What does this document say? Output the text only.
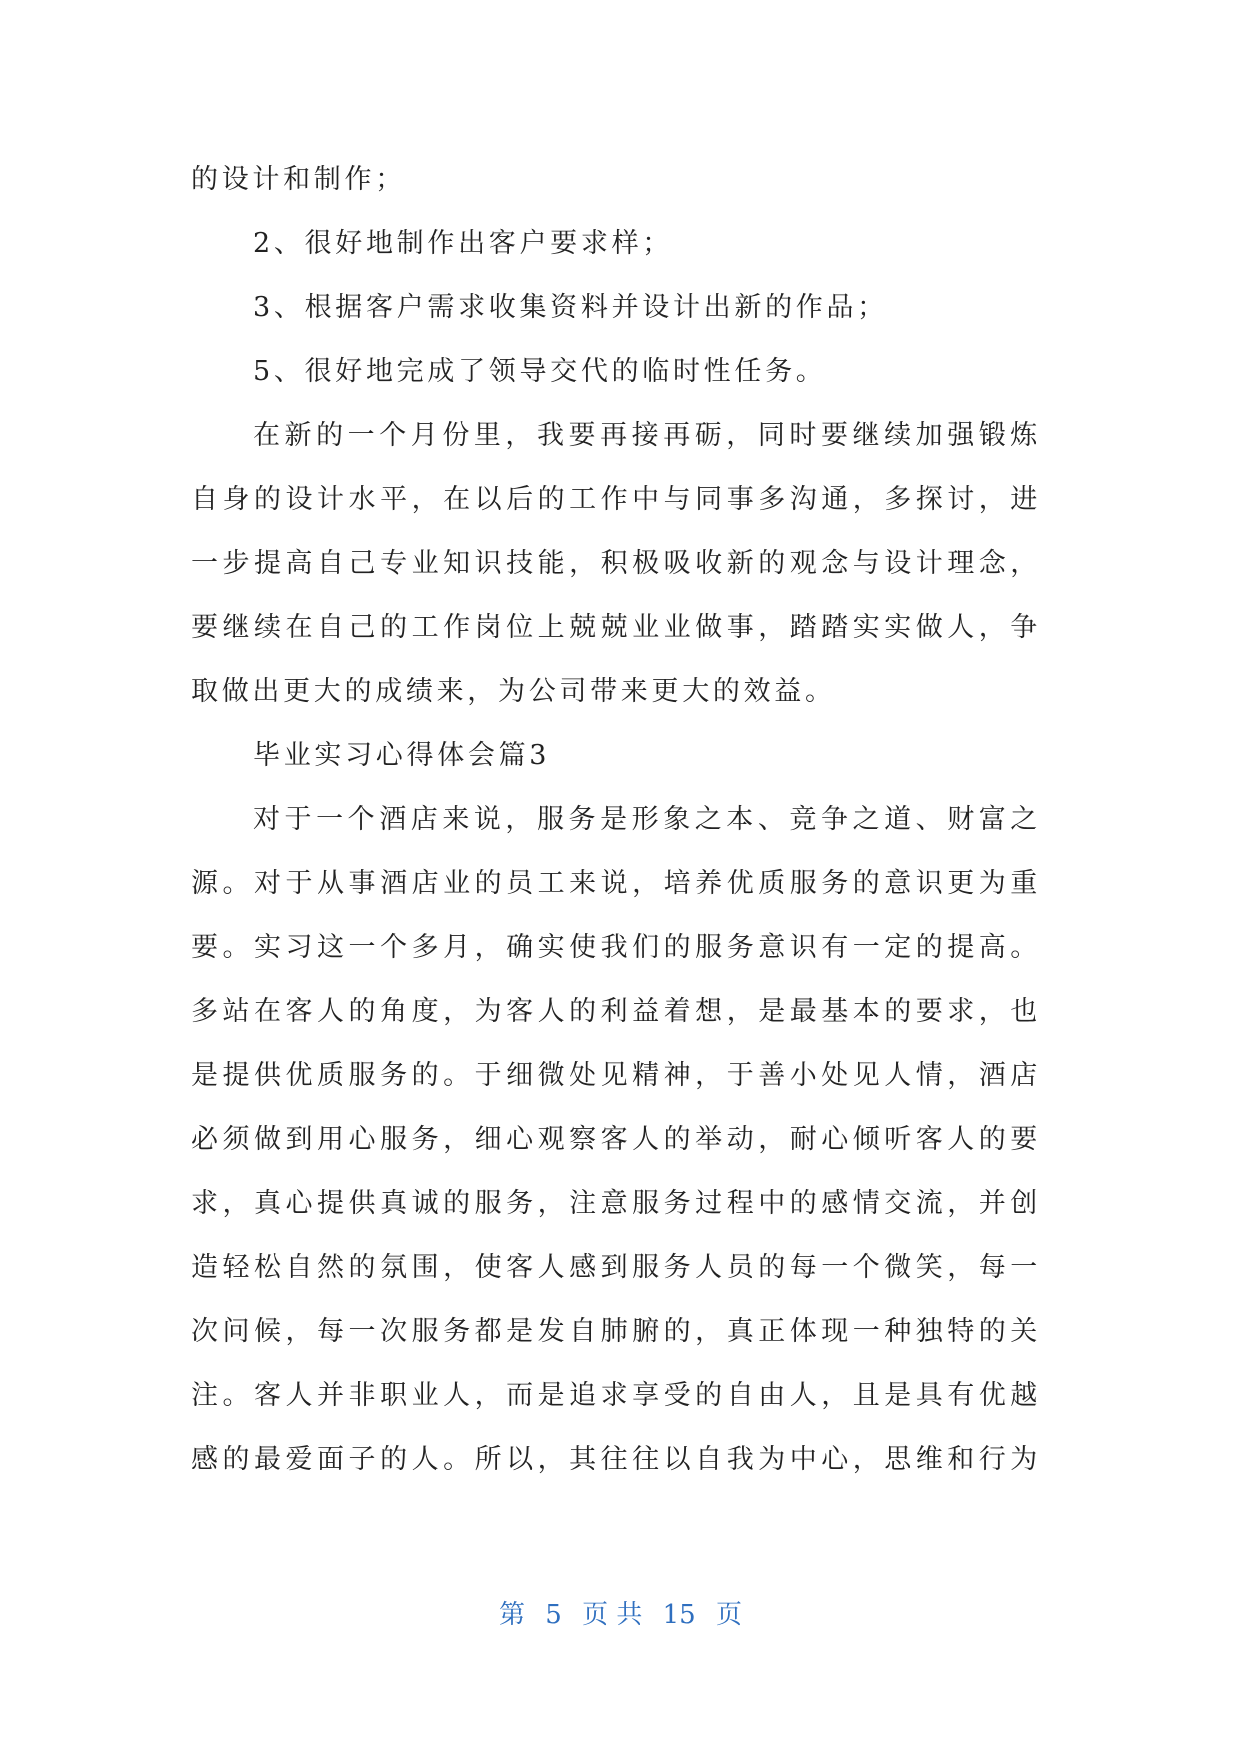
的设计和制作；
2、很好地制作出客户要求样；
3、根据客户需求收集资料并设计出新的作品；
5、很好地完成了领导交代的临时性任务。
在新的一个月份里，我要再接再砺，同时要继续加强锻炼
自身的设计水平，在以后的工作中与同事多沟通，多探讨，进
一步提高自己专业知识技能，积极吸收新的观念与设计理念，
要继续在自己的工作岗位上兢兢业业做事，踏踏实实做人，争
取做出更大的成绩来，为公司带来更大的效益。
毕业实习心得体会篇3
对于一个酒店来说，服务是形象之本、竞争之道、财富之
源。对于从事酒店业的员工来说，培养优质服务的意识更为重
要。实习这一个多月，确实使我们的服务意识有一定的提高。
多站在客人的角度，为客人的利益着想，是最基本的要求，也
是提供优质服务的。于细微处见精神，于善小处见人情，酒店
必须做到用心服务，细心观察客人的举动，耐心倾听客人的要
求，真心提供真诚的服务，注意服务过程中的感情交流，并创
造轻松自然的氛围，使客人感到服务人员的每一个微笑，每一
次问候，每一次服务都是发自肺腑的，真正体现一种独特的关
注。客人并非职业人，而是追求享受的自由人，且是具有优越
感的最爱面子的人。所以，其往往以自我为中心，思维和行为
第 5 页 共 15 页
